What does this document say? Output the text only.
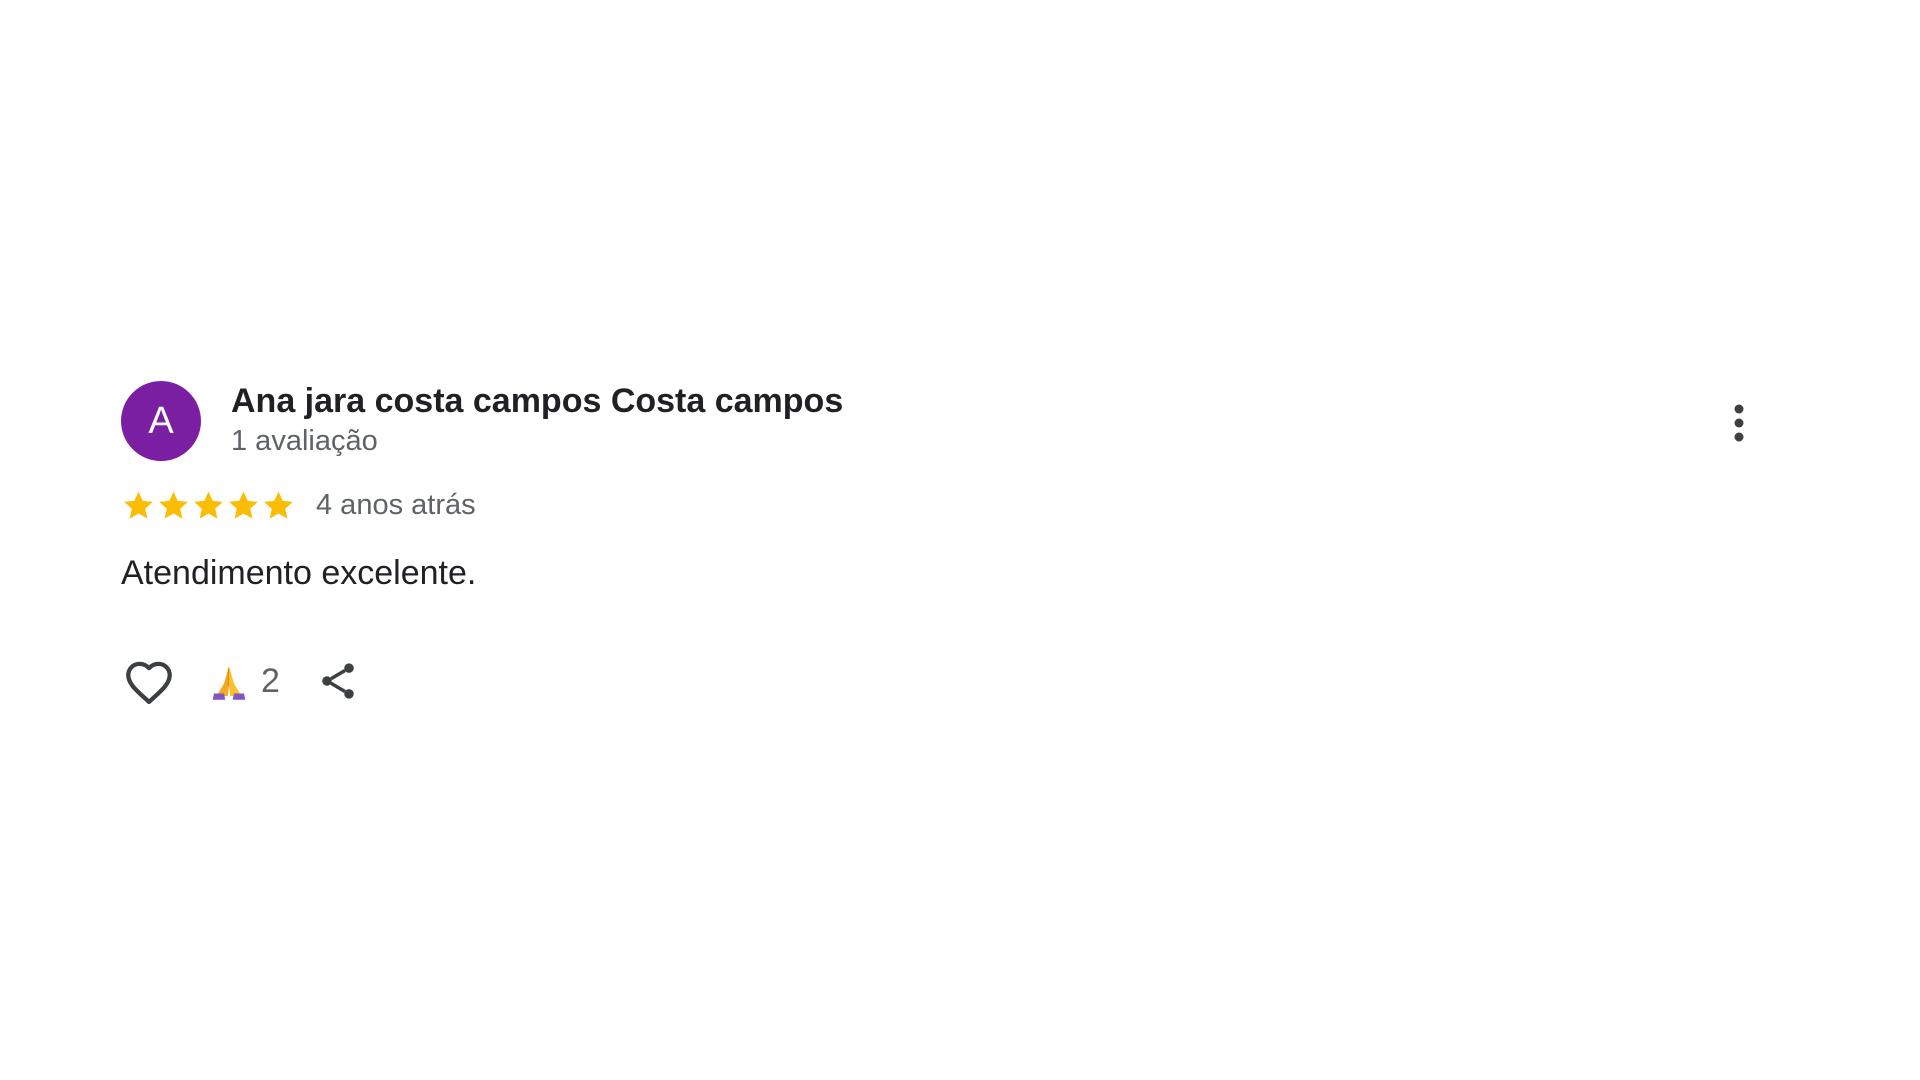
A	Ana jara costa campos Costa campos
1 avaliação
4 anos atrás
Atendimento excelente.
2
